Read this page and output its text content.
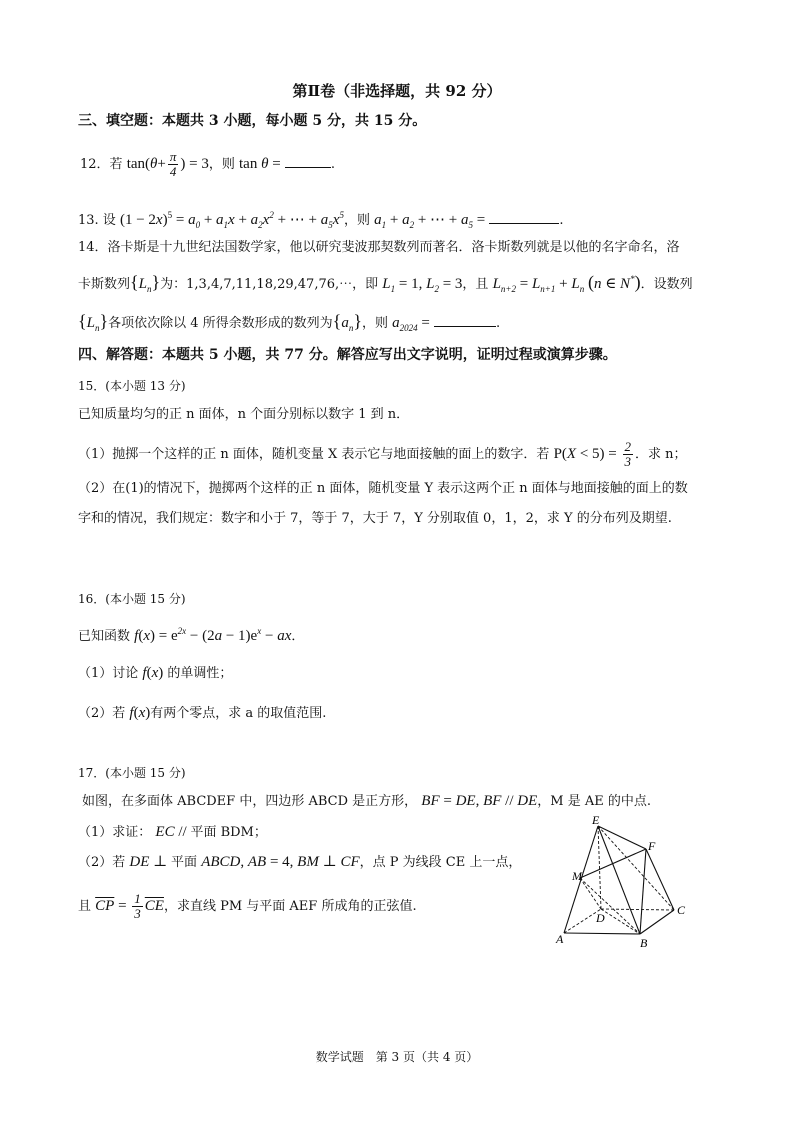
第Ⅱ卷（非选择题，共 92 分）
三、填空题：本题共 3 小题，每小题 5 分，共 15 分。
12．若 $\tan(\theta+ \frac{\pi}{4}$ ) = 3，则 tan θ =	.
13. 设 $(1 - 2x)^5 = a_0 + a_1x + a_2x^2$ + ⋯ + $a_5x^5$，则 $a_1 + a_2$ + ⋯ + $a_5$ =	.
14．洛卡斯是十九世纪法国数学家，他以研究斐波那契数列而著名．洛卡斯数列就是以他的名字命名，洛
卡斯数列$\{L_n\}$为：1,3,4,7,11,18,29,47,76,⋯，即 $L_1 = 1$, $L_2 = 3$，且 $L_{n+2} = L_{n+1} + L_n$ (n ∈ N*)．设数列
$\{L_n\}$各项依次除以 4 所得余数形成的数列为$\{a_n\}$，则 $a_{2024}$ =	.
四、解答题：本题共 5 小题，共 77 分。解答应写出文字说明，证明过程或演算步骤。
15．(本小题 13 分)
已知质量均匀的正 n 面体，n 个面分别标以数字 1 到 n．
（1）抛掷一个这样的正 n 面体，随机变量 X 表示它与地面接触的面上的数字．若 $P(X < 5) = \frac{2}{3}$ ．求 n；
（2）在(1)的情况下，抛掷两个这样的正 n 面体，随机变量 Y 表示这两个正 n 面体与地面接触的面上的数
字和的情况，我们规定：数字和小于 7，等于 7，大于 7，Y 分别取值 0，1，2，求 Y 的分布列及期望.
16．(本小题 15 分)
已知函数 $f(x) = e^{2x} - (2a - 1)e^x$ − ax．
（1）讨论 f(x) 的单调性；
（2）若 f(x)有两个零点，求 a 的取值范围.
17．(本小题 15 分)
如图，在多面体 ABCDEF 中，四边形 ABCD 是正方形， BF = DE, BF // DE，M 是 AE 的中点.
（1）求证： EC // 平面 BDM；
（2）若 DE ⊥ 平面 ABCD, AB = 4, BM ⊥ CF，点 P 为线段 CE 上一点，
且 $\overline{CP} = \frac{1}{3} \overline{CE}$，求直线 PM 与平面 AEF 所成角的正弦值.
E
F
M
D
C
A	B
数学试题　第 3 页（共 4 页）
